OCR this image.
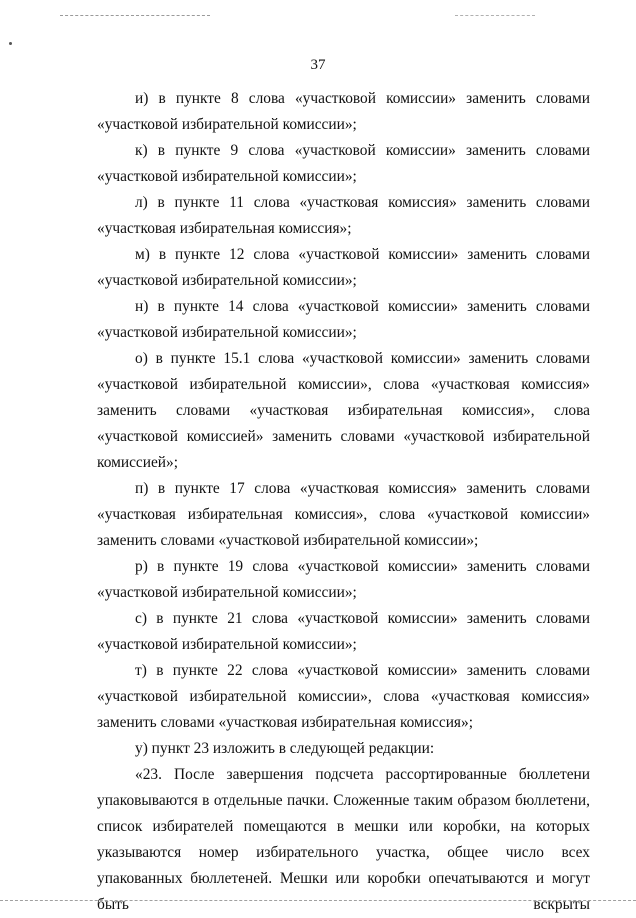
37

и) в пункте 8 слова «участковой комиссии» заменить словами «участковой избирательной комиссии»;

к) в пункте 9 слова «участковой комиссии» заменить словами «участковой избирательной комиссии»;

л) в пункте 11 слова «участковая комиссия» заменить словами «участковая избирательная комиссия»;

м) в пункте 12 слова «участковой комиссии» заменить словами «участковой избирательной комиссии»;

н) в пункте 14 слова «участковой комиссии» заменить словами «участковой избирательной комиссии»;

о) в пункте 15.1 слова «участковой комиссии» заменить словами «участковой избирательной комиссии», слова «участковая комиссия» заменить словами «участковая избирательная комиссия», слова «участковой комиссией» заменить словами «участковой избирательной комиссией»;

п) в пункте 17 слова «участковая комиссия» заменить словами «участковая избирательная комиссия», слова «участковой комиссии» заменить словами «участковой избирательной комиссии»;

р) в пункте 19 слова «участковой комиссии» заменить словами «участковой избирательной комиссии»;

с) в пункте 21 слова «участковой комиссии» заменить словами «участковой избирательной комиссии»;

т) в пункте 22 слова «участковой комиссии» заменить словами «участковой избирательной комиссии», слова «участковая комиссия» заменить словами «участковая избирательная комиссия»;

у) пункт 23 изложить в следующей редакции:

«23. После завершения подсчета рассортированные бюллетени упаковываются в отдельные пачки. Сложенные таким образом бюллетени, список избирателей помещаются в мешки или коробки, на которых указываются номер избирательного участка, общее число всех упакованных бюллетеней. Мешки или коробки опечатываются и могут быть вскрыты
